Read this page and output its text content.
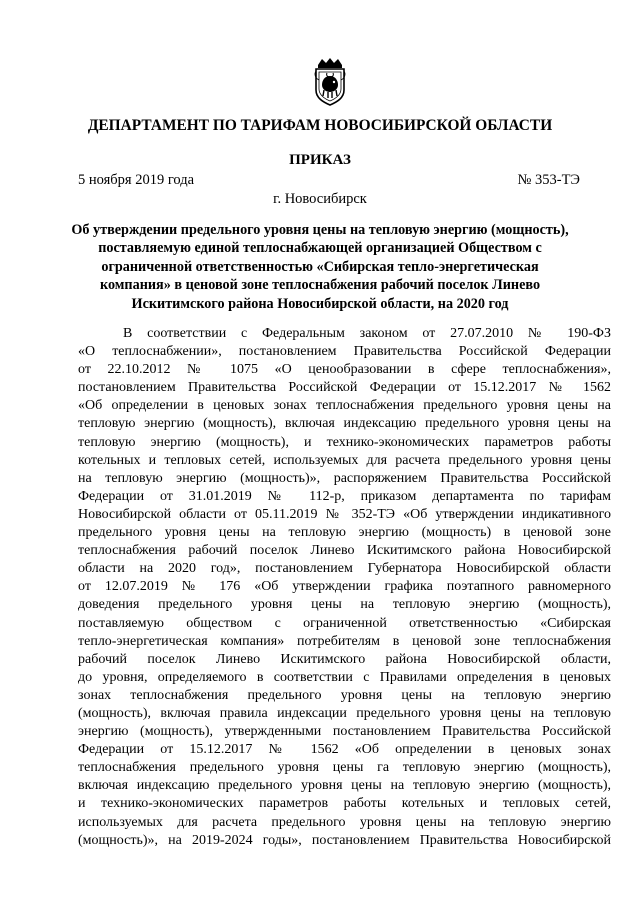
ДЕПАРТАМЕНТ ПО ТАРИФАМ НОВОСИБИРСКОЙ ОБЛАСТИ
ПРИКАЗ
5 ноября 2019 года	№ 353-ТЭ
г. Новосибирск
Об утверждении предельного уровня цены на тепловую энергию (мощность),
поставляемую единой теплоснабжающей организацией Обществом с
ограниченной ответственностью «Сибирская тепло-энергетическая
компания» в ценовой зоне теплоснабжения рабочий поселок Линево
Искитимского района Новосибирской области, на 2020 год
В соответствии с Федеральным законом от 27.07.2010 № 190-ФЗ
«О теплоснабжении», постановлением Правительства Российской Федерации
от 22.10.2012 № 1075 «О ценообразовании в сфере теплоснабжения»,
постановлением Правительства Российской Федерации от 15.12.2017 № 1562
«Об определении в ценовых зонах теплоснабжения предельного уровня цены на
тепловую энергию (мощность), включая индексацию предельного уровня цены на
тепловую энергию (мощность), и технико-экономических параметров работы
котельных и тепловых сетей, используемых для расчета предельного уровня цены
на тепловую энергию (мощность)», распоряжением Правительства Российской
Федерации от 31.01.2019 № 112-р, приказом департамента по тарифам
Новосибирской области от 05.11.2019 № 352-ТЭ «Об утверждении индикативного
предельного уровня цены на тепловую энергию (мощность) в ценовой зоне
теплоснабжения рабочий поселок Линево Искитимского района Новосибирской
области на 2020 год», постановлением Губернатора Новосибирской области
от 12.07.2019 № 176 «Об утверждении графика поэтапного равномерного
доведения предельного уровня цены на тепловую энергию (мощность),
поставляемую обществом с ограниченной ответственностью «Сибирская
тепло-энергетическая компания» потребителям в ценовой зоне теплоснабжения
рабочий поселок Линево Искитимского района Новосибирской области,
до уровня, определяемого в соответствии с Правилами определения в ценовых
зонах теплоснабжения предельного уровня цены на тепловую энергию
(мощность), включая правила индексации предельного уровня цены на тепловую
энергию (мощность), утвержденными постановлением Правительства Российской
Федерации от 15.12.2017 № 1562 «Об определении в ценовых зонах
теплоснабжения предельного уровня цены га тепловую энергию (мощность),
включая индексацию предельного уровня цены на тепловую энергию (мощность),
и технико-экономических параметров работы котельных и тепловых сетей,
используемых для расчета предельного уровня цены на тепловую энергию
(мощность)», на 2019-2024 годы», постановлением Правительства Новосибирской
